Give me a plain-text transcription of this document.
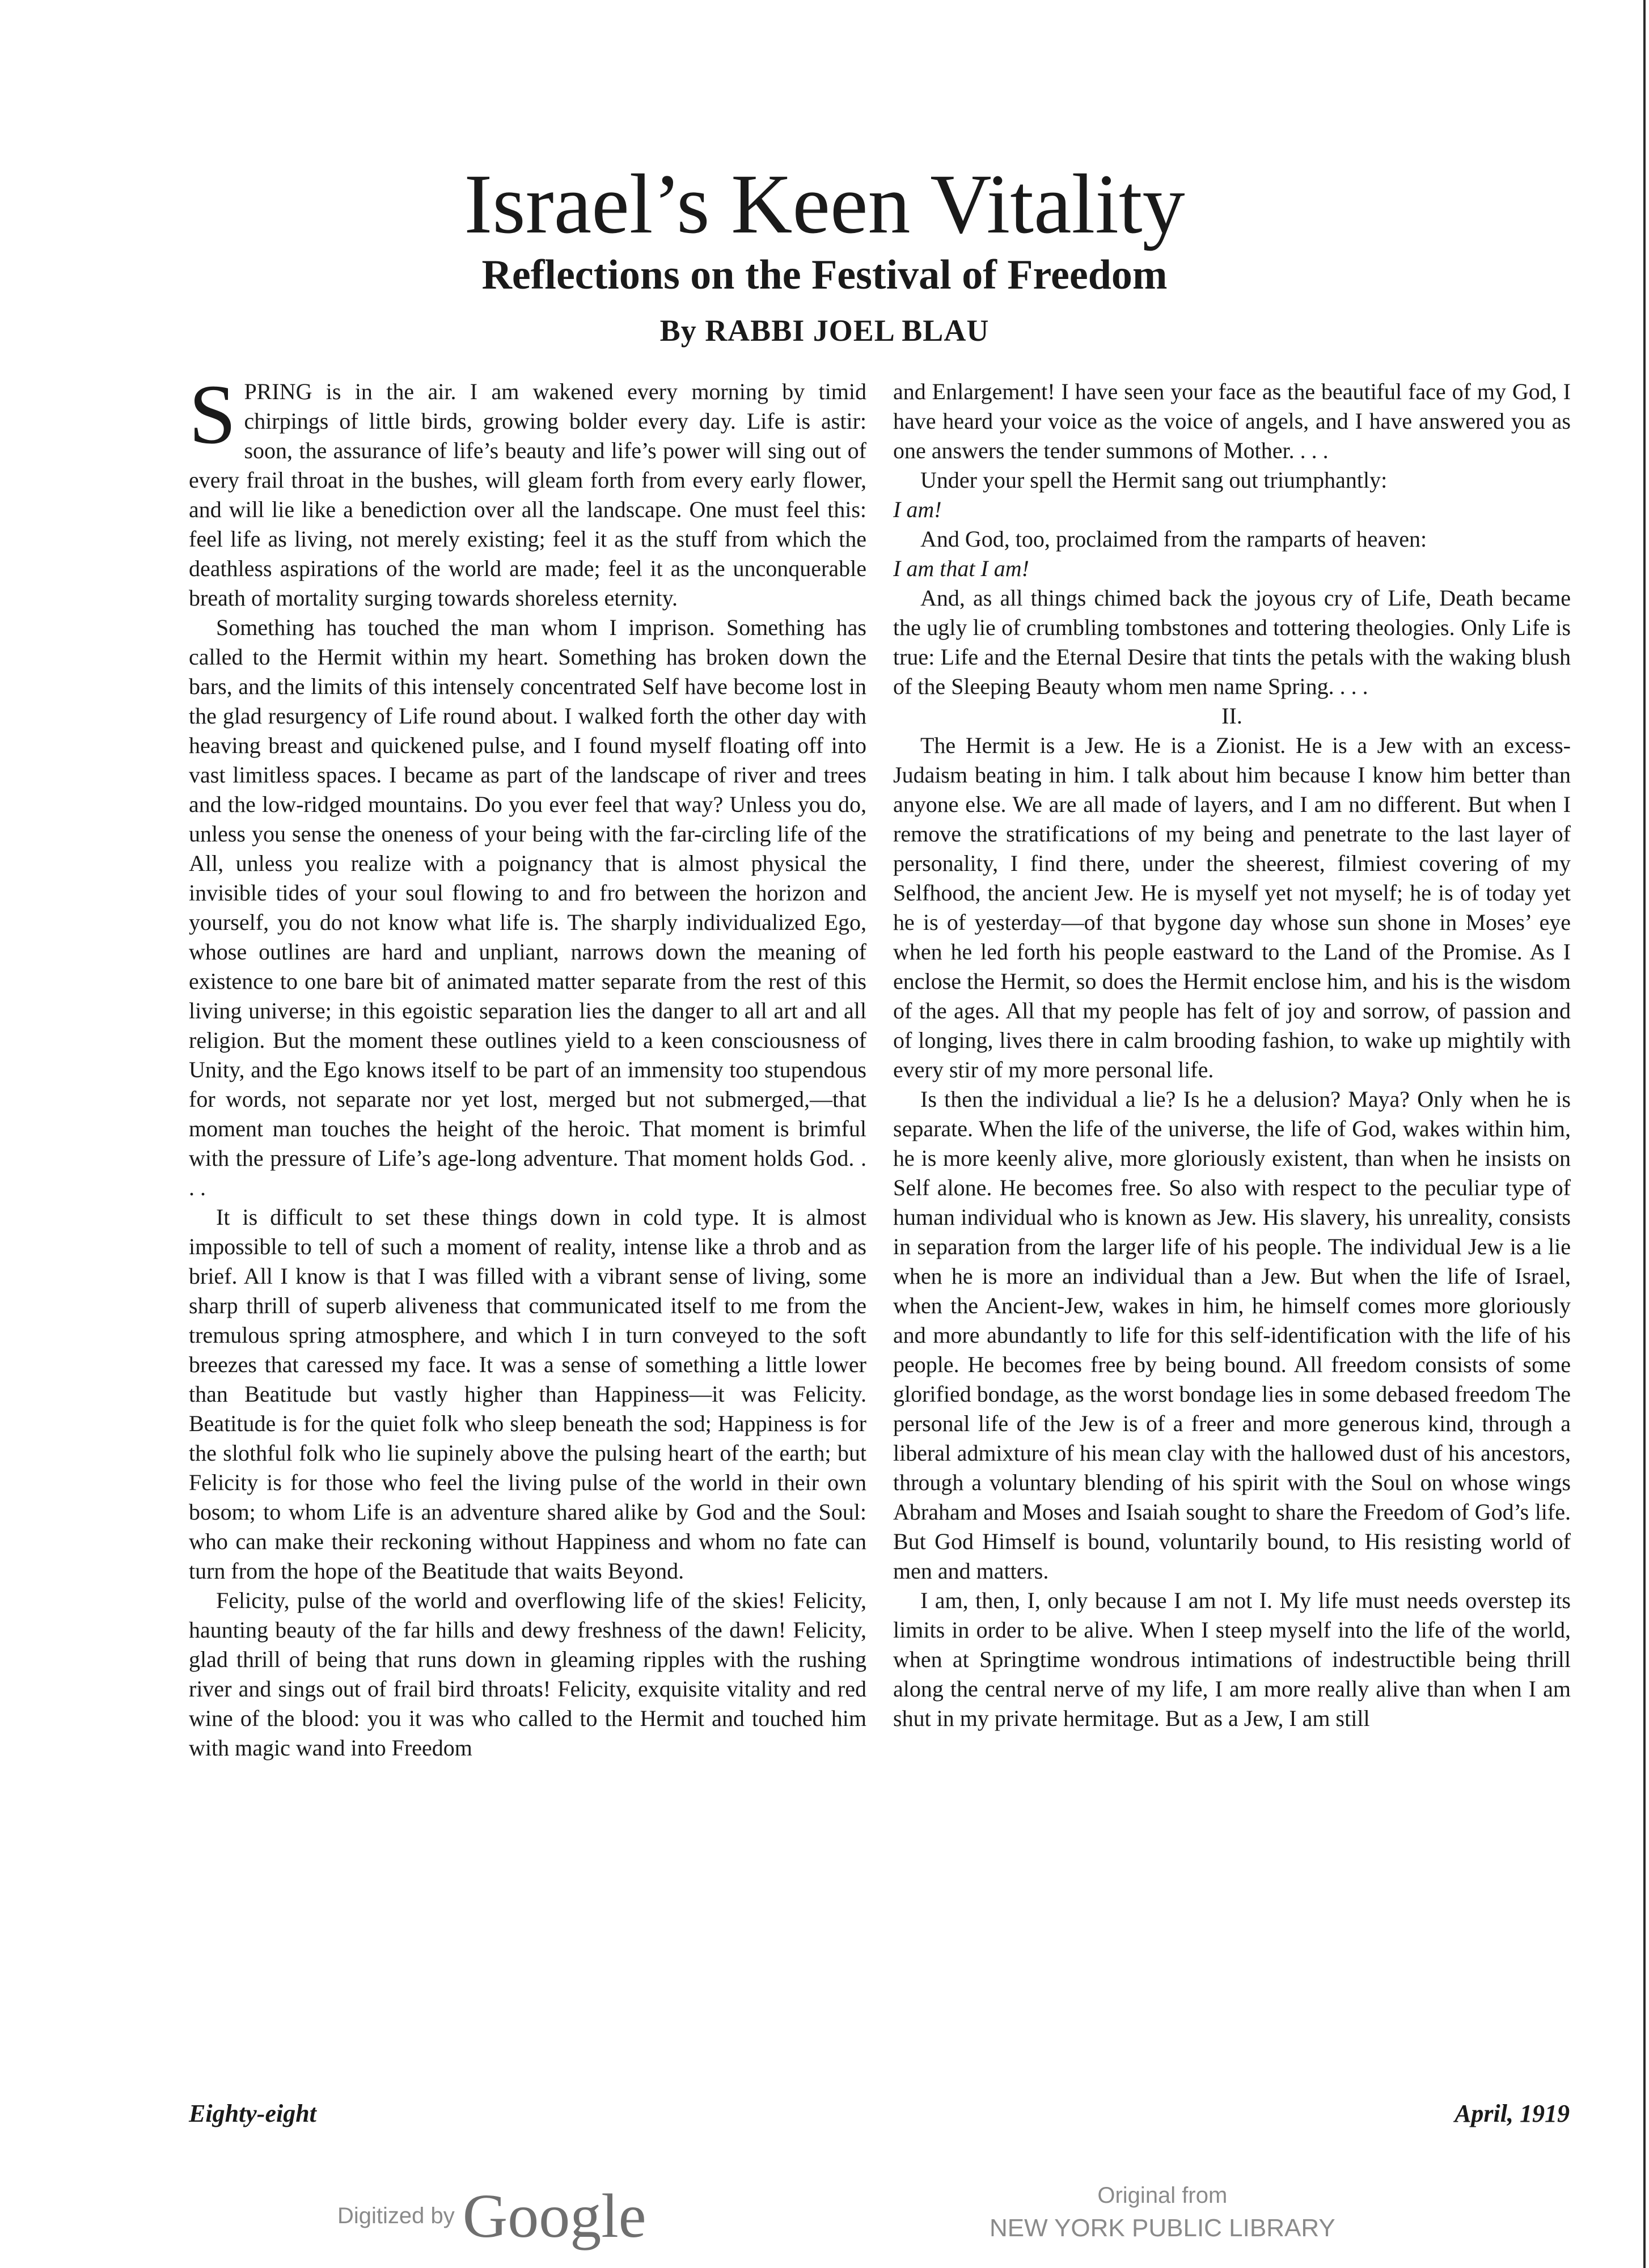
Israel’s Keen Vitality
Reflections on the Festival of Freedom
By RABBI JOEL BLAU

SPRING is in the air. I am wakened every morning by timid chirpings of little birds, growing bolder every day. Life is astir: soon, the assurance of life’s beauty and life’s power will sing out of every frail throat in the bushes, will gleam forth from every early flower, and will lie like a benediction over all the landscape. One must feel this: feel life as living, not merely existing; feel it as the stuff from which the deathless aspirations of the world are made; feel it as the unconquerable breath of mortality surging towards shoreless eternity.

Something has touched the man whom I imprison. Something has called to the Hermit within my heart. Something has broken down the bars, and the limits of this intensely concentrated Self have become lost in the glad resurgency of Life round about. I walked forth the other day with heaving breast and quickened pulse, and I found myself floating off into vast limitless spaces. I became as part of the landscape of river and trees and the low-ridged mountains. Do you ever feel that way? Unless you do, unless you sense the oneness of your being with the far-circling life of the All, unless you realize with a poignancy that is almost physical the invisible tides of your soul flowing to and fro between the horizon and yourself, you do not know what life is. The sharply individualized Ego, whose outlines are hard and unpliant, narrows down the meaning of existence to one bare bit of animated matter separate from the rest of this living universe; in this egoistic separation lies the danger to all art and all religion. But the moment these outlines yield to a keen consciousness of Unity, and the Ego knows itself to be part of an immensity too stupendous for words, not separate nor yet lost, merged but not submerged,—that moment man touches the height of the heroic. That moment is brimful with the pressure of Life’s age-long adventure. That moment holds God. . . .

It is difficult to set these things down in cold type. It is almost impossible to tell of such a moment of reality, intense like a throb and as brief. All I know is that I was filled with a vibrant sense of living, some sharp thrill of superb aliveness that communicated itself to me from the tremulous spring atmosphere, and which I in turn conveyed to the soft breezes that caressed my face. It was a sense of something a little lower than Beatitude but vastly higher than Happiness—it was Felicity. Beatitude is for the quiet folk who sleep beneath the sod; Happiness is for the slothful folk who lie supinely above the pulsing heart of the earth; but Felicity is for those who feel the living pulse of the world in their own bosom; to whom Life is an adventure shared alike by God and the Soul: who can make their reckoning without Happiness and whom no fate can turn from the hope of the Beatitude that waits Beyond.

Felicity, pulse of the world and overflowing life of the skies! Felicity, haunting beauty of the far hills and dewy freshness of the dawn! Felicity, glad thrill of being that runs down in gleaming ripples with the rushing river and sings out of frail bird throats! Felicity, exquisite vitality and red wine of the blood: you it was who called to the Hermit and touched him with magic wand into Freedom

and Enlargement! I have seen your face as the beautiful face of my God, I have heard your voice as the voice of angels, and I have answered you as one answers the tender summons of Mother. . . .

Under your spell the Hermit sang out triumphantly:

I am!

And God, too, proclaimed from the ramparts of heaven:

I am that I am!

And, as all things chimed back the joyous cry of Life, Death became the ugly lie of crumbling tombstones and tottering theologies. Only Life is true: Life and the Eternal Desire that tints the petals with the waking blush of the Sleeping Beauty whom men name Spring. . . .

II.

The Hermit is a Jew. He is a Zionist. He is a Jew with an excess-Judaism beating in him. I talk about him because I know him better than anyone else. We are all made of layers, and I am no different. But when I remove the stratifications of my being and penetrate to the last layer of personality, I find there, under the sheerest, filmiest covering of my Selfhood, the ancient Jew. He is myself yet not myself; he is of today yet he is of yesterday—of that bygone day whose sun shone in Moses’ eye when he led forth his people eastward to the Land of the Promise. As I enclose the Hermit, so does the Hermit enclose him, and his is the wisdom of the ages. All that my people has felt of joy and sorrow, of passion and of longing, lives there in calm brooding fashion, to wake up mightily with every stir of my more personal life.

Is then the individual a lie? Is he a delusion? Maya? Only when he is separate. When the life of the universe, the life of God, wakes within him, he is more keenly alive, more gloriously existent, than when he insists on Self alone. He becomes free. So also with respect to the peculiar type of human individual who is known as Jew. His slavery, his unreality, consists in separation from the larger life of his people. The individual Jew is a lie when he is more an individual than a Jew. But when the life of Israel, when the Ancient-Jew, wakes in him, he himself comes more gloriously and more abundantly to life for this self-identification with the life of his people. He becomes free by being bound. All freedom consists of some glorified bondage, as the worst bondage lies in some debased freedom The personal life of the Jew is of a freer and more generous kind, through a liberal admixture of his mean clay with the hallowed dust of his ancestors, through a voluntary blending of his spirit with the Soul on whose wings Abraham and Moses and Isaiah sought to share the Freedom of God’s life. But God Himself is bound, voluntarily bound, to His resisting world of men and matters.

I am, then, I, only because I am not I. My life must needs overstep its limits in order to be alive. When I steep myself into the life of the world, when at Springtime wondrous intimations of indestructible being thrill along the central nerve of my life, I am more really alive than when I am shut in my private hermitage. But as a Jew, I am still

Eighty-eight	April, 1919
Digitized by Google	Original from
NEW YORK PUBLIC LIBRARY
